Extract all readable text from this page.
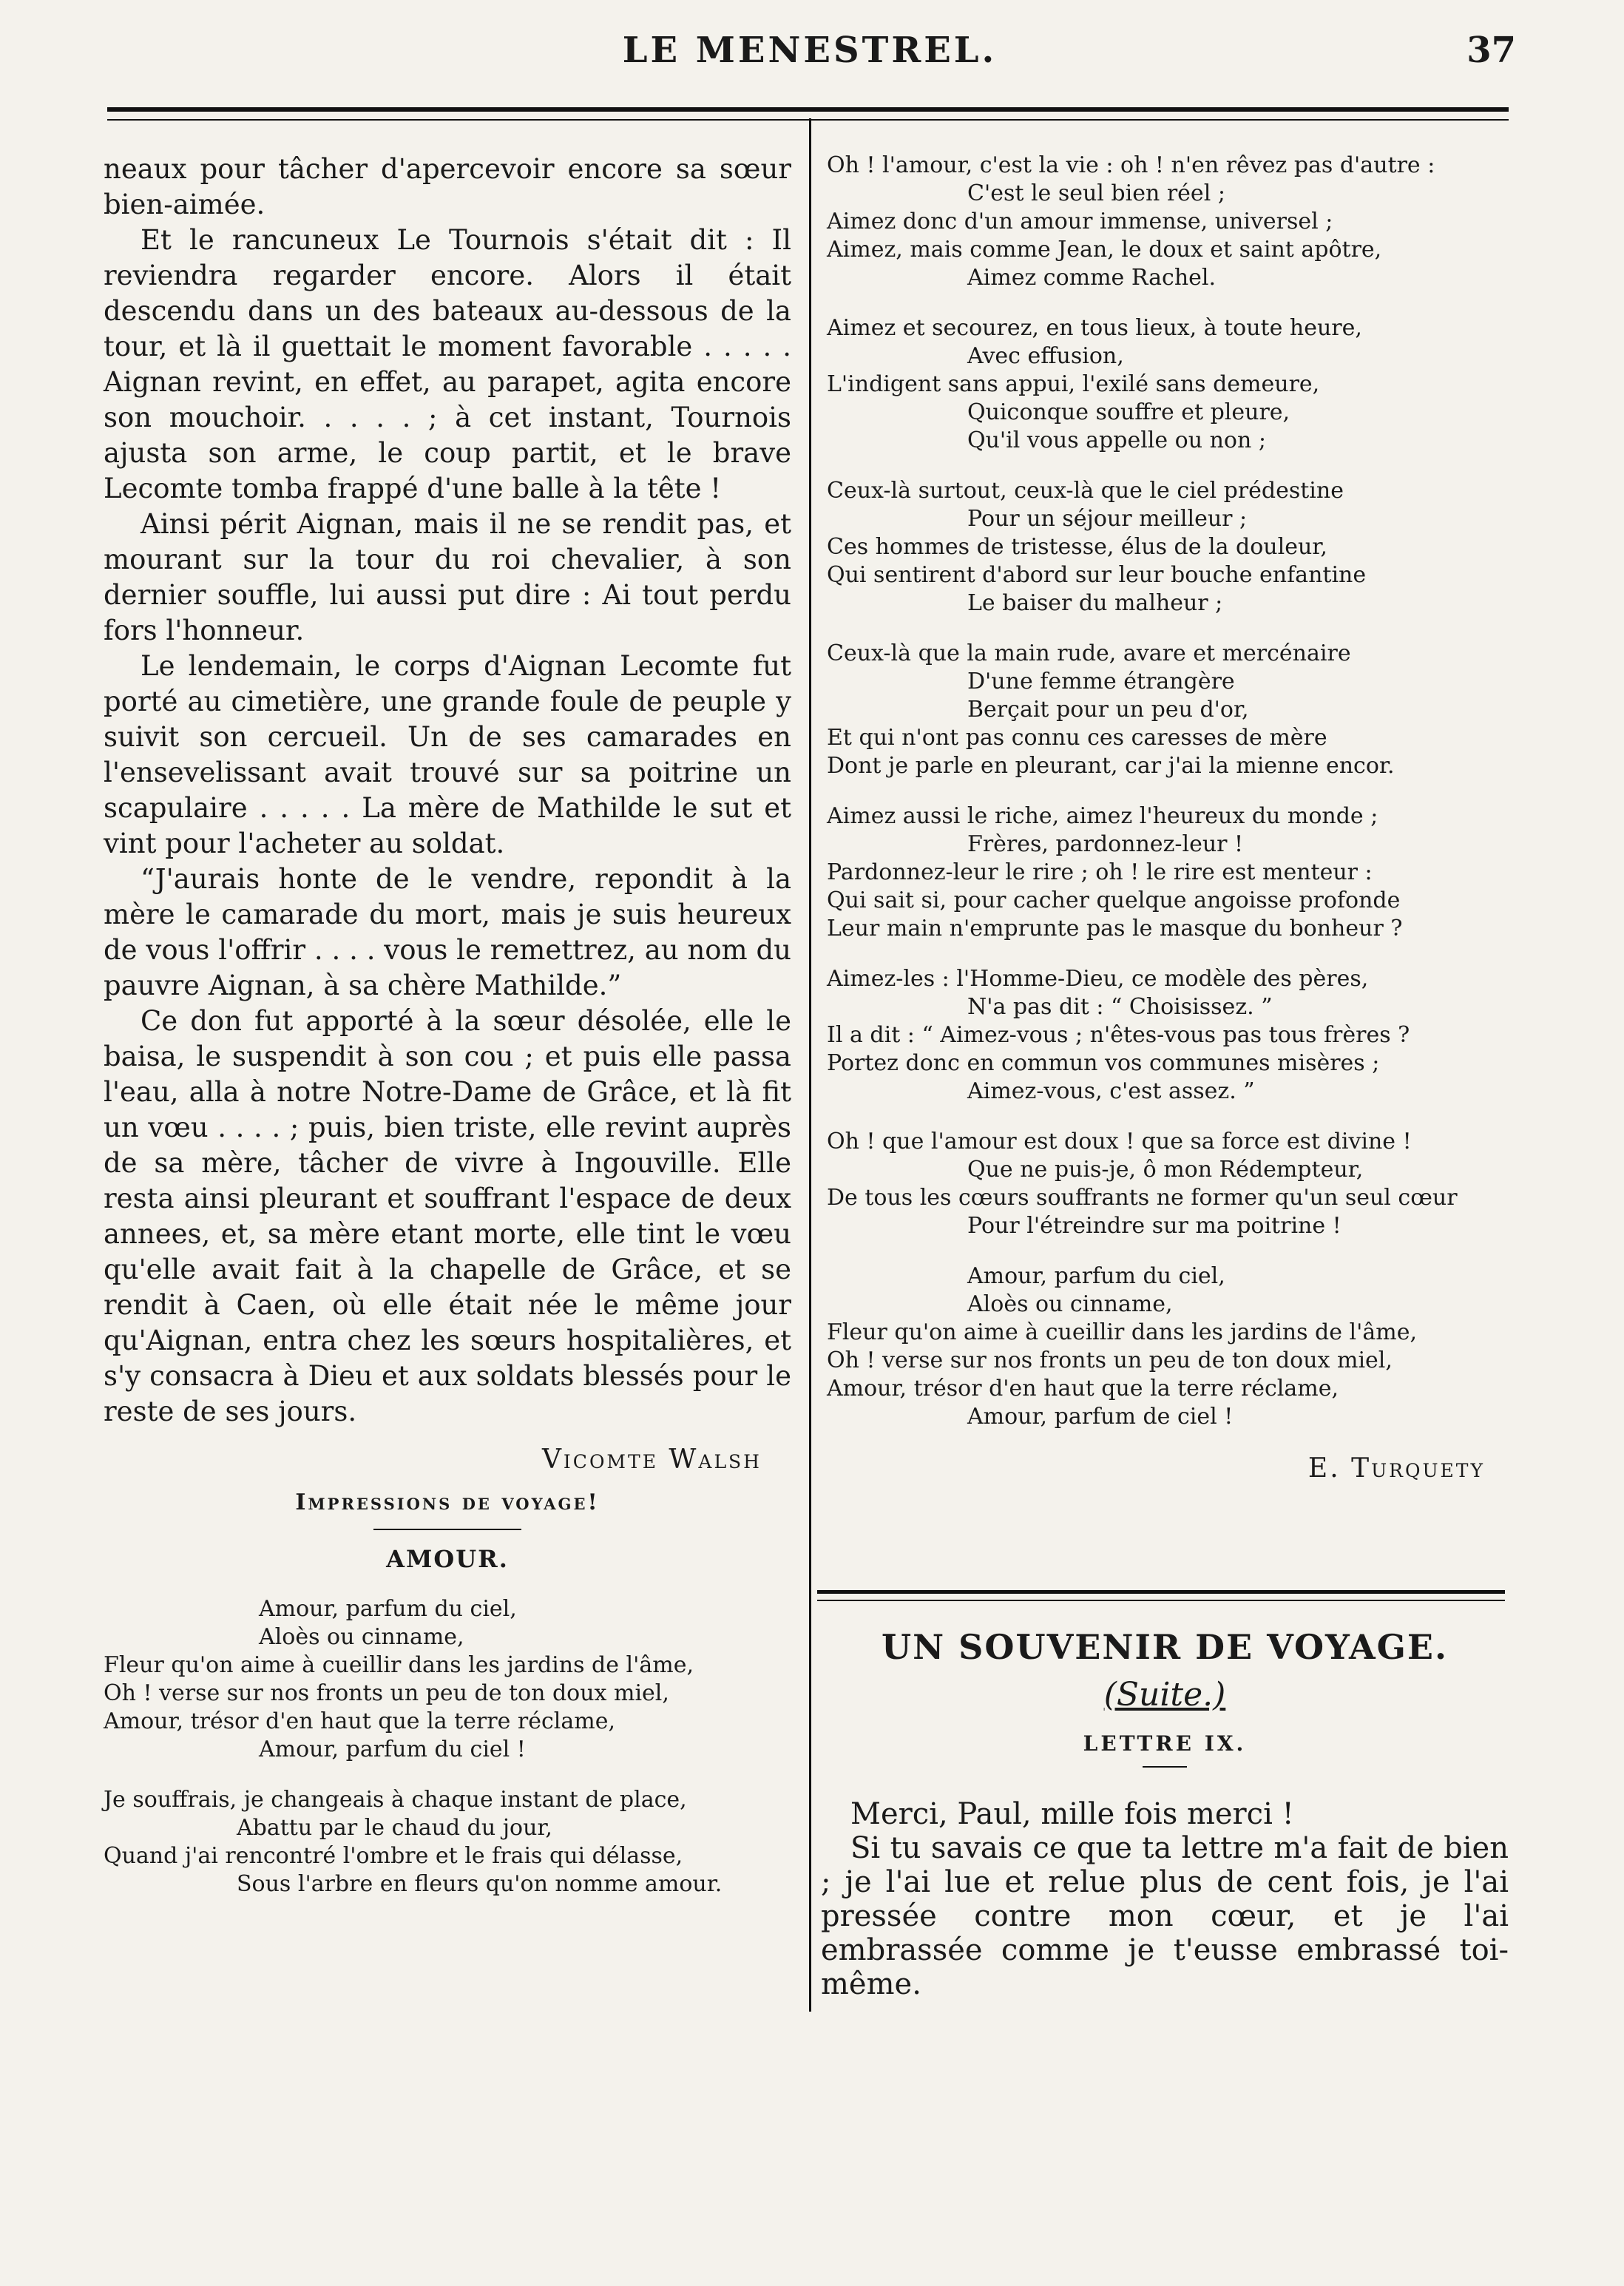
LE MENESTREL.	37

neaux pour tâcher d'apercevoir encore sa sœur bien-aimée.

Et le rancuneux Le Tournois s'était dit : Il reviendra regarder encore. Alors il était descendu dans un des bateaux au-dessous de la tour, et là il guettait le moment favorable . . . . . Aignan revint, en effet, au parapet, agita encore son mouchoir. . . . . ; à cet instant, Tournois ajusta son arme, le coup partit, et le brave Lecomte tomba frappé d'une balle à la tête !

Ainsi périt Aignan, mais il ne se rendit pas, et mourant sur la tour du roi chevalier, à son dernier souffle, lui aussi put dire : Ai tout perdu fors l'honneur.

Le lendemain, le corps d'Aignan Lecomte fut porté au cimetière, une grande foule de peuple y suivit son cercueil. Un de ses camarades en l'ensevelissant avait trouvé sur sa poitrine un scapulaire . . . . . La mère de Mathilde le sut et vint pour l'acheter au soldat.

“J'aurais honte de le vendre, repondit à la mère le camarade du mort, mais je suis heureux de vous l'offrir . . . . vous le remettrez, au nom du pauvre Aignan, à sa chère Mathilde.”

Ce don fut apporté à la sœur désolée, elle le baisa, le suspendit à son cou ; et puis elle passa l'eau, alla à notre Notre-Dame de Grâce, et là fit un vœu . . . . ; puis, bien triste, elle revint auprès de sa mère, tâcher de vivre à Ingouville. Elle resta ainsi pleurant et souffrant l'espace de deux annees, et, sa mère etant morte, elle tint le vœu qu'elle avait fait à la chapelle de Grâce, et se rendit à Caen, où elle était née le même jour qu'Aignan, entra chez les sœurs hospitalières, et s'y consacra à Dieu et aux soldats blessés pour le reste de ses jours.

Vicomte Walsh
Impressions de voyage!
AMOUR.
Amour, parfum du ciel,
Aloès ou cinname,
Fleur qu'on aime à cueillir dans les jardins de l'âme,
Oh ! verse sur nos fronts un peu de ton doux miel,
Amour, trésor d'en haut que la terre réclame,
Amour, parfum du ciel !
Je souffrais, je changeais à chaque instant de place,
Abattu par le chaud du jour,
Quand j'ai rencontré l'ombre et le frais qui délasse,
Sous l'arbre en fleurs qu'on nomme amour.
Oh ! l'amour, c'est la vie : oh ! n'en rêvez pas d'autre :
C'est le seul bien réel ;
Aimez donc d'un amour immense, universel ;
Aimez, mais comme Jean, le doux et saint apôtre,
Aimez comme Rachel.
Aimez et secourez, en tous lieux, à toute heure,
Avec effusion,
L'indigent sans appui, l'exilé sans demeure,
Quiconque souffre et pleure,
Qu'il vous appelle ou non ;
Ceux-là surtout, ceux-là que le ciel prédestine
Pour un séjour meilleur ;
Ces hommes de tristesse, élus de la douleur,
Qui sentirent d'abord sur leur bouche enfantine
Le baiser du malheur ;
Ceux-là que la main rude, avare et mercénaire
D'une femme étrangère
Berçait pour un peu d'or,
Et qui n'ont pas connu ces caresses de mère
Dont je parle en pleurant, car j'ai la mienne encor.
Aimez aussi le riche, aimez l'heureux du monde ;
Frères, pardonnez-leur !
Pardonnez-leur le rire ; oh ! le rire est menteur :
Qui sait si, pour cacher quelque angoisse profonde
Leur main n'emprunte pas le masque du bonheur ?
Aimez-les : l'Homme-Dieu, ce modèle des pères,
N'a pas dit : “ Choisissez. ”
Il a dit : “ Aimez-vous ; n'êtes-vous pas tous frères ?
Portez donc en commun vos communes misères ;
Aimez-vous, c'est assez. ”
Oh ! que l'amour est doux ! que sa force est divine !
Que ne puis-je, ô mon Rédempteur,
De tous les cœurs souffrants ne former qu'un seul cœur
Pour l'étreindre sur ma poitrine !
Amour, parfum du ciel,
Aloès ou cinname,
Fleur qu'on aime à cueillir dans les jardins de l'âme,
Oh ! verse sur nos fronts un peu de ton doux miel,
Amour, trésor d'en haut que la terre réclame,
Amour, parfum de ciel !
E. Turquety
UN SOUVENIR DE VOYAGE.
(Suite.)
LETTRE IX.

Merci, Paul, mille fois merci !

Si tu savais ce que ta lettre m'a fait de bien ; je l'ai lue et relue plus de cent fois, je l'ai pressée contre mon cœur, et je l'ai embrassée comme je t'eusse embrassé toi-même.
